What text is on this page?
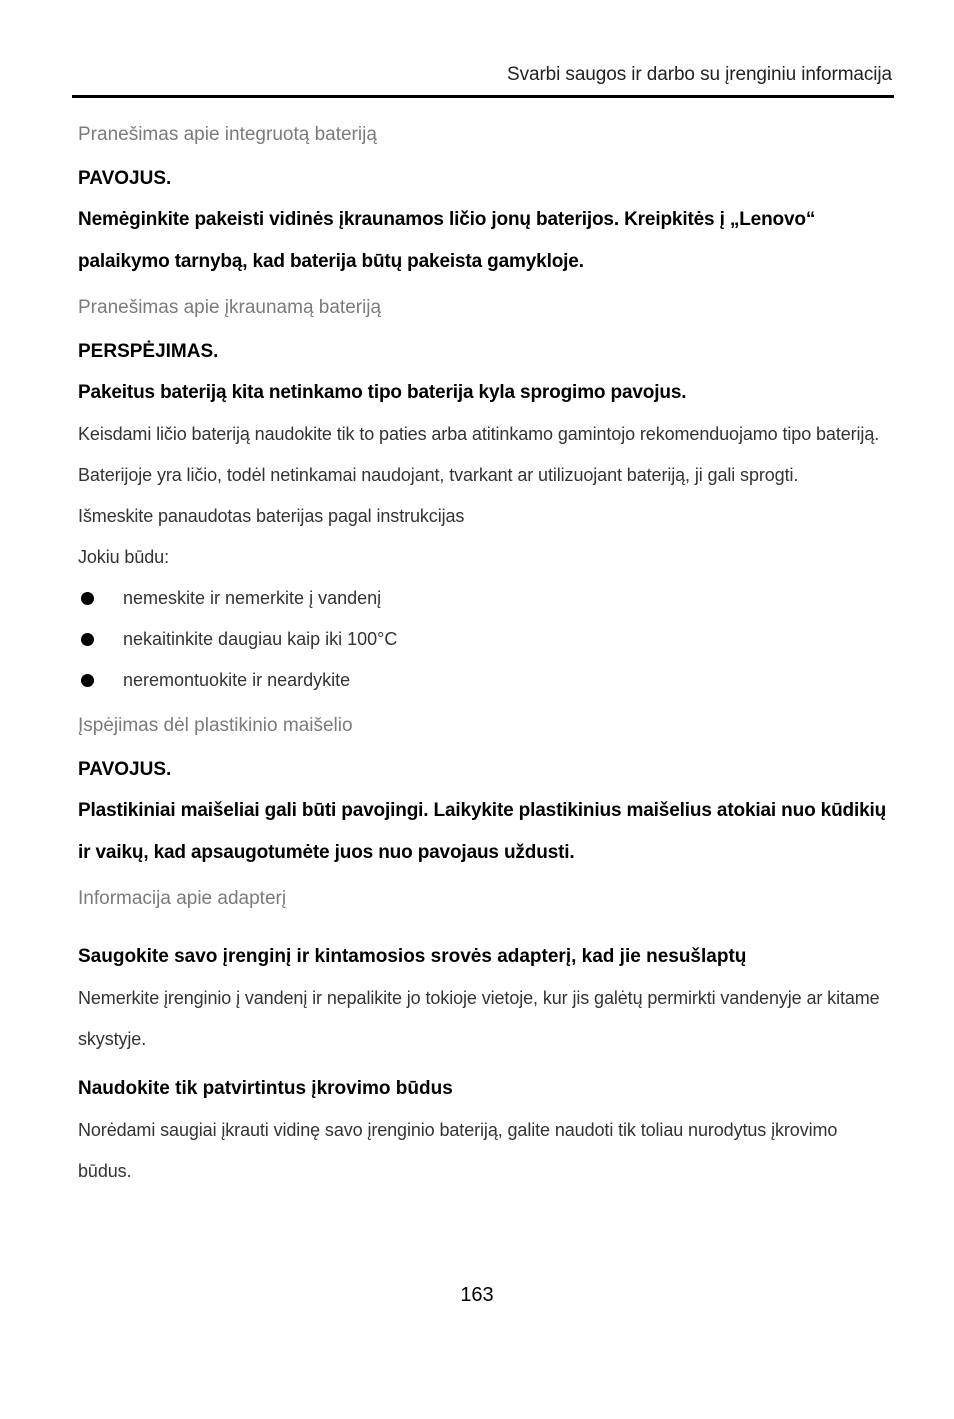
Svarbi saugos ir darbo su įrenginiu informacija
Pranešimas apie integruotą bateriją

PAVOJUS.

Nemėginkite pakeisti vidinės įkraunamos ličio jonų baterijos. Kreipkitės į „Lenovo“ palaikymo tarnybą, kad baterija būtų pakeista gamykloje.

Pranešimas apie įkraunamą bateriją

PERSPĖJIMAS.

Pakeitus bateriją kita netinkamo tipo baterija kyla sprogimo pavojus.

Keisdami ličio bateriją naudokite tik to paties arba atitinkamo gamintojo rekomenduojamo tipo bateriją. Baterijoje yra ličio, todėl netinkamai naudojant, tvarkant ar utilizuojant bateriją, ji gali sprogti.

Išmeskite panaudotas baterijas pagal instrukcijas

Jokiu būdu:

nemeskite ir nemerkite į vandenį
nekaitinkite daugiau kaip iki 100°C
neremontuokite ir neardykite
Įspėjimas dėl plastikinio maišelio

PAVOJUS.

Plastikiniai maišeliai gali būti pavojingi. Laikykite plastikinius maišelius atokiai nuo kūdikių ir vaikų, kad apsaugotumėte juos nuo pavojaus uždusti.

Informacija apie adapterį
Saugokite savo įrenginį ir kintamosios srovės adapterį, kad jie nesušlaptų

Nemerkite įrenginio į vandenį ir nepalikite jo tokioje vietoje, kur jis galėtų permirkti vandenyje ar kitame skystyje.

Naudokite tik patvirtintus įkrovimo būdus

Norėdami saugiai įkrauti vidinę savo įrenginio bateriją, galite naudoti tik toliau nurodytus įkrovimo būdus.

163
